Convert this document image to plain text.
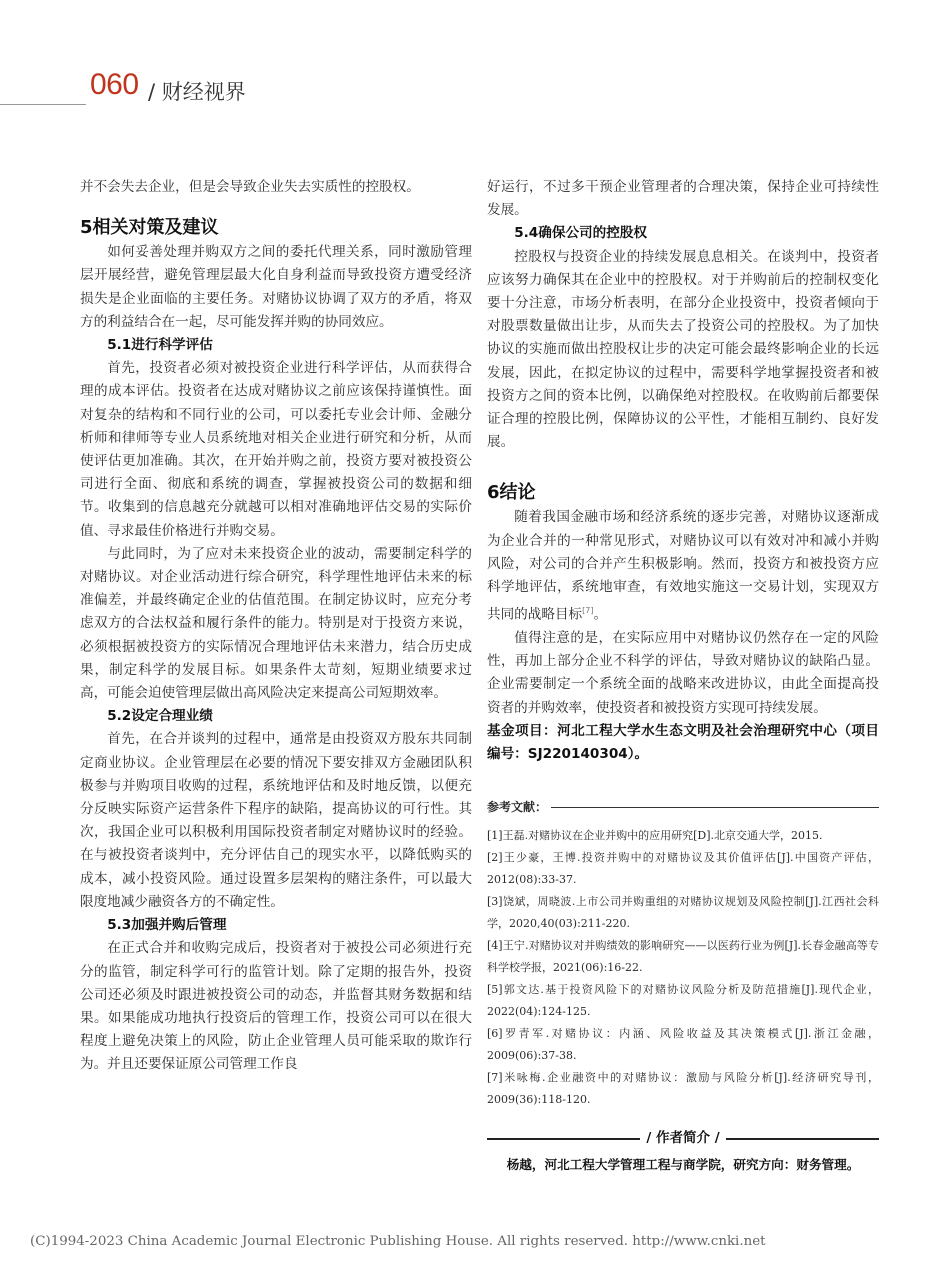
060 / 财经视界

并不会失去企业，但是会导致企业失去实质性的控股权。

5相关对策及建议

如何妥善处理并购双方之间的委托代理关系，同时激励管理层开展经营，避免管理层最大化自身利益而导致投资方遭受经济损失是企业面临的主要任务。对赌协议协调了双方的矛盾，将双方的利益结合在一起，尽可能发挥并购的协同效应。

5.1进行科学评估

首先，投资者必须对被投资企业进行科学评估，从而获得合理的成本评估。投资者在达成对赌协议之前应该保持谨慎性。面对复杂的结构和不同行业的公司，可以委托专业会计师、金融分析师和律师等专业人员系统地对相关企业进行研究和分析，从而使评估更加准确。其次，在开始并购之前，投资方要对被投资公司进行全面、彻底和系统的调查，掌握被投资公司的数据和细节。收集到的信息越充分就越可以相对准确地评估交易的实际价值、寻求最佳价格进行并购交易。

与此同时，为了应对未来投资企业的波动，需要制定科学的对赌协议。对企业活动进行综合研究，科学理性地评估未来的标准偏差，并最终确定企业的估值范围。在制定协议时，应充分考虑双方的合法权益和履行条件的能力。特别是对于投资方来说，必须根据被投资方的实际情况合理地评估未来潜力，结合历史成果，制定科学的发展目标。如果条件太苛刻，短期业绩要求过高，可能会迫使管理层做出高风险决定来提高公司短期效率。

5.2设定合理业绩

首先，在合并谈判的过程中，通常是由投资双方股东共同制定商业协议。企业管理层在必要的情况下要安排双方金融团队积极参与并购项目收购的过程，系统地评估和及时地反馈，以便充分反映实际资产运营条件下程序的缺陷，提高协议的可行性。其次，我国企业可以积极利用国际投资者制定对赌协议时的经验。在与被投资者谈判中，充分评估自己的现实水平，以降低购买的成本，减小投资风险。通过设置多层架构的赌注条件，可以最大限度地减少融资各方的不确定性。

5.3加强并购后管理

在正式合并和收购完成后，投资者对于被投公司必须进行充分的监管，制定科学可行的监管计划。除了定期的报告外，投资公司还必须及时跟进被投资公司的动态，并监督其财务数据和结果。如果能成功地执行投资后的管理工作，投资公司可以在很大程度上避免决策上的风险，防止企业管理人员可能采取的欺诈行为。并且还要保证原公司管理工作良

好运行，不过多干预企业管理者的合理决策，保持企业可持续性发展。

5.4确保公司的控股权

控股权与投资企业的持续发展息息相关。在谈判中，投资者应该努力确保其在企业中的控股权。对于并购前后的控制权变化要十分注意，市场分析表明，在部分企业投资中，投资者倾向于对股票数量做出让步，从而失去了投资公司的控股权。为了加快协议的实施而做出控股权让步的决定可能会最终影响企业的长远发展，因此，在拟定协议的过程中，需要科学地掌握投资者和被投资方之间的资本比例，以确保绝对控股权。在收购前后都要保证合理的控股比例，保障协议的公平性，才能相互制约、良好发展。

6结论

随着我国金融市场和经济系统的逐步完善，对赌协议逐渐成为企业合并的一种常见形式，对赌协议可以有效对冲和减小并购风险，对公司的合并产生积极影响。然而，投资方和被投资方应科学地评估，系统地审查，有效地实施这一交易计划，实现双方共同的战略目标[7]。

值得注意的是，在实际应用中对赌协议仍然存在一定的风险性，再加上部分企业不科学的评估，导致对赌协议的缺陷凸显。企业需要制定一个系统全面的战略来改进协议，由此全面提高投资者的并购效率，使投资者和被投资方实现可持续发展。

基金项目：河北工程大学水生态文明及社会治理研究中心（项目编号：SJ220140304）。

参考文献：
[1]王磊.对赌协议在企业并购中的应用研究[D].北京交通大学，2015.
[2]王少豪，王博.投资并购中的对赌协议及其价值评估[J].中国资产评估，2012(08):33-37.
[3]饶斌，周晓波.上市公司并购重组的对赌协议规划及风险控制[J].江西社会科学，2020,40(03):211-220.
[4]王宁.对赌协议对并购绩效的影响研究——以医药行业为例[J].长春金融高等专科学校学报，2021(06):16-22.
[5]郭文达.基于投资风险下的对赌协议风险分析及防范措施[J].现代企业，2022(04):124-125.
[6]罗青军.对赌协议：内涵、风险收益及其决策模式[J].浙江金融，2009(06):37-38.
[7]米咏梅.企业融资中的对赌协议：激励与风险分析[J].经济研究导刊，2009(36):118-120.
/ 作者简介 /
杨越，河北工程大学管理工程与商学院，研究方向：财务管理。
(C)1994-2023 China Academic Journal Electronic Publishing House. All rights reserved. http://www.cnki.net
